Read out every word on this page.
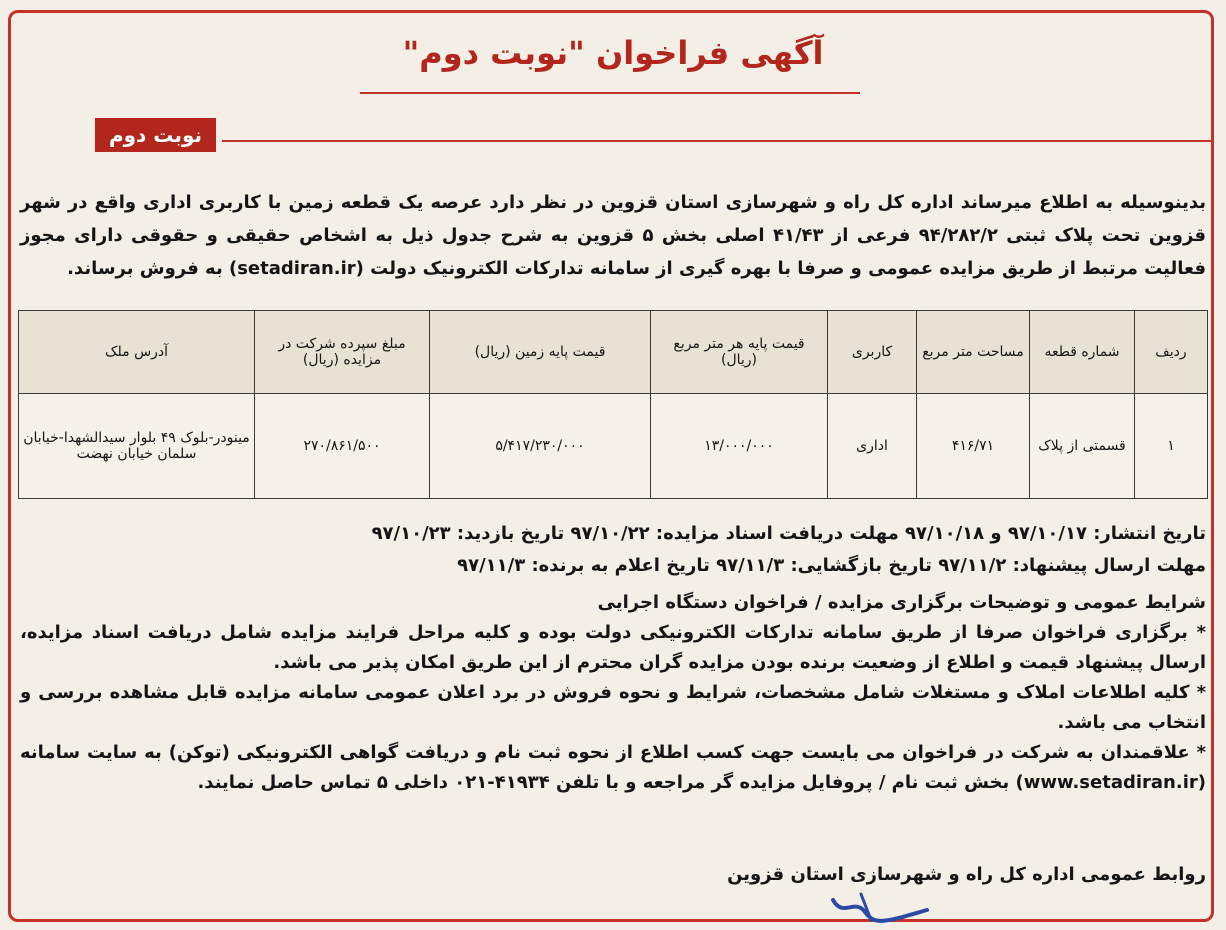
آگهی فراخوان "نوبت دوم"
نوبت دوم
بدینوسیله به اطلاع میرساند اداره کل راه و شهرسازی استان قزوین در نظر دارد عرصه یک قطعه زمین با کاربری اداری واقع در شهر قزوین تحت پلاک ثبتی ۹۴/۲۸۲/۲ فرعی از ۴۱/۴۳ اصلی بخش ۵ قزوین به شرح جدول ذیل به اشخاص حقیقی و حقوقی دارای مجوز فعالیت مرتبط از طریق مزایده عمومی و صرفا با بهره گیری از سامانه تدارکات الکترونیک دولت (setadiran.ir) به فروش برساند.
ردیف	شماره قطعه	مساحت متر مربع	کاربری	قیمت پایه هر متر مربع (ریال)	قیمت پایه زمین (ریال)	مبلغ سپرده شرکت در مزایده (ریال)	آدرس ملک
۱	قسمتی از پلاک	۴۱۶/۷۱	اداری	۱۳/۰۰۰/۰۰۰	۵/۴۱۷/۲۳۰/۰۰۰	۲۷۰/۸۶۱/۵۰۰	مینودر-بلوک ۴۹ بلوار سیدالشهدا-خیابان سلمان خیابان نهضت
تاریخ انتشار: ۹۷/۱۰/۱۷ و ۹۷/۱۰/۱۸ مهلت دریافت اسناد مزایده: ۹۷/۱۰/۲۲ تاریخ بازدید: ۹۷/۱۰/۲۳
مهلت ارسال پیشنهاد: ۹۷/۱۱/۲ تاریخ بازگشایی: ۹۷/۱۱/۳ تاریخ اعلام به برنده: ۹۷/۱۱/۳

شرایط عمومی و توضیحات برگزاری مزایده / فراخوان دستگاه اجرایی

* برگزاری فراخوان صرفا از طریق سامانه تدارکات الکترونیکی دولت بوده و کلیه مراحل فرایند مزایده شامل دریافت اسناد مزایده، ارسال پیشنهاد قیمت و اطلاع از وضعیت برنده بودن مزایده گران محترم از این طریق امکان پذیر می باشد.

* کلیه اطلاعات املاک و مستغلات شامل مشخصات، شرایط و نحوه فروش در برد اعلان عمومی سامانه مزایده قابل مشاهده بررسی و انتخاب می باشد.

* علاقمندان به شرکت در فراخوان می بایست جهت کسب اطلاع از نحوه ثبت نام و دریافت گواهی الکترونیکی (توکن) به سایت سامانه (www.setadiran.ir) بخش ثبت نام / پروفایل مزایده گر مراجعه و با تلفن ۴۱۹۳۴-۰۲۱ داخلی ۵ تماس حاصل نمایند.

روابط عمومی اداره کل راه و شهرسازی استان قزوین
